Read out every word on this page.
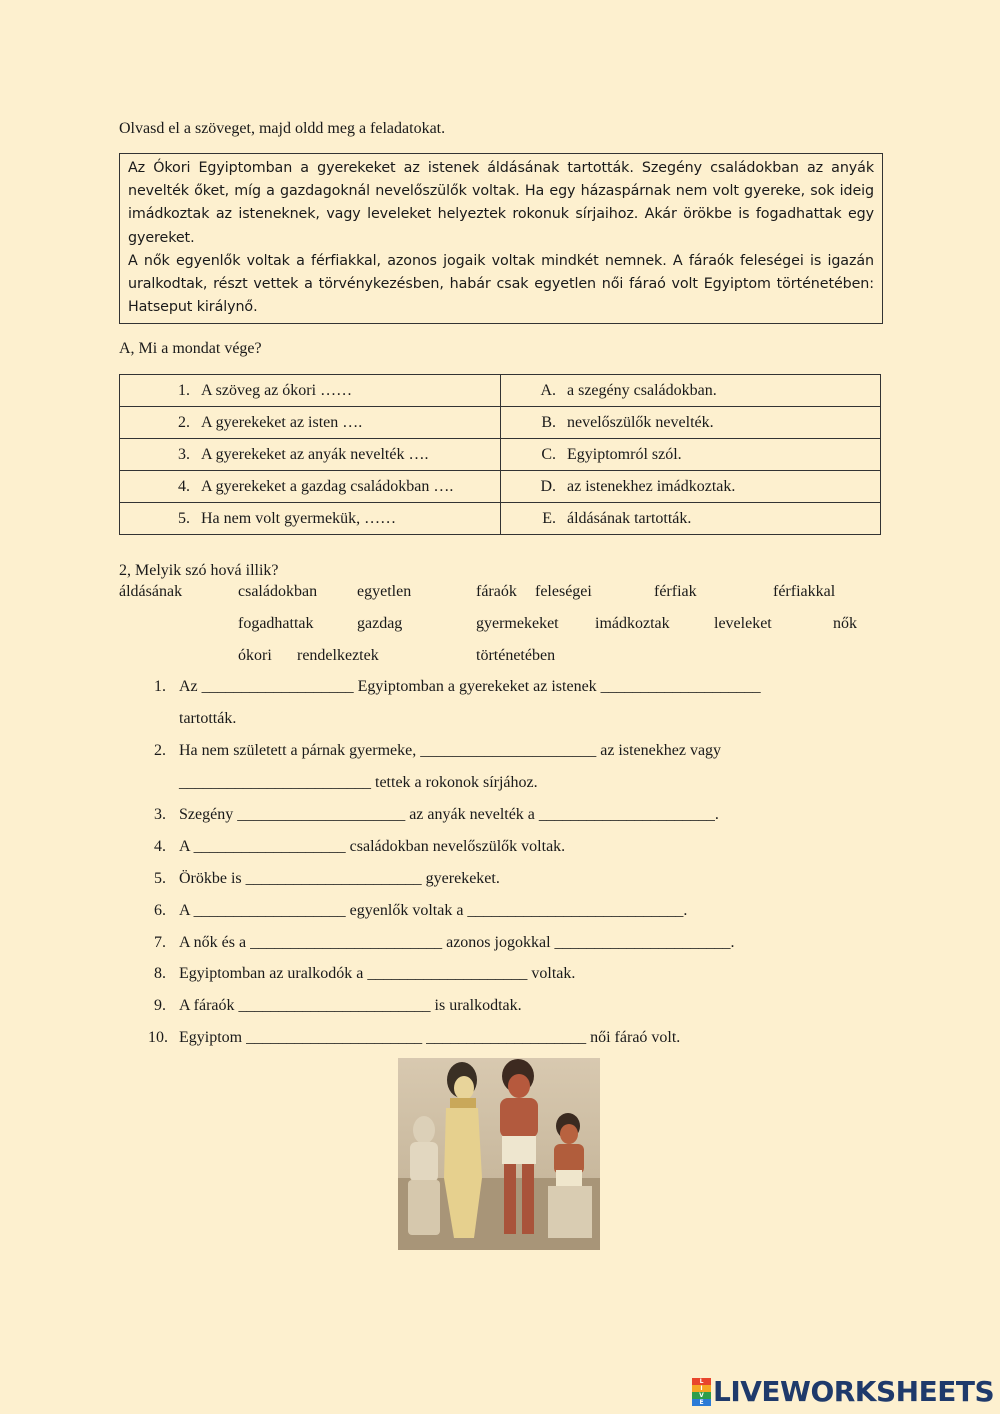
Olvasd el a szöveget, majd oldd meg a feladatokat.

Az Ókori Egyiptomban a gyerekeket az istenek áldásának tartották. Szegény családokban az anyák nevelték őket, míg a gazdagoknál nevelőszülők voltak. Ha egy házaspárnak nem volt gyereke, sok ideig imádkoztak az isteneknek, vagy leveleket helyeztek rokonuk sírjaihoz. Akár örökbe is fogadhattak egy gyereket.

A nők egyenlők voltak a férfiakkal, azonos jogaik voltak mindkét nemnek. A fáraók feleségei is igazán uralkodtak, részt vettek a törvénykezésben, habár csak egyetlen női fáraó volt Egyiptom történetében: Hatseput királynő.

A, Mi a mondat vége?
1. A szöveg az ókori ……	A. a szegény családokban.
2. A gyerekeket az isten ….	B. nevelőszülők nevelték.
3. A gyerekeket az anyák nevelték ….	C. Egyiptomról szól.
4. A gyerekeket a gazdag családokban ….	D. az istenekhez imádkoztak.
5. Ha nem volt gyermekük, ……	E. áldásának tartották.
2, Melyik szó hová illik?
áldásának	családokban egyetlen	fáraók feleségei	férfiak	férfiakkal
fogadhattak	gazdag	gyermekeket imádkoztak	leveleket	nők
ókori rendelkeztek	történetében
1. Az ___________________ Egyiptomban a gyerekeket az istenek ____________________
tartották.
2. Ha nem született a párnak gyermeke, ______________________ az istenekhez vagy
________________________ tettek a rokonok sírjához.
3. Szegény _____________________ az anyák nevelték a ______________________.
4. A ___________________ családokban nevelőszülők voltak.
5. Örökbe is ______________________ gyerekeket.
6. A ___________________ egyenlők voltak a ___________________________.
7. A nők és a ________________________ azonos jogokkal ______________________.
8. Egyiptomban az uralkodók a ____________________ voltak.
9. A fáraók ________________________ is uralkodtak.
10. Egyiptom ______________________ ____________________ női fáraó volt.
L
I
V
E LIVEWORKSHEETS
